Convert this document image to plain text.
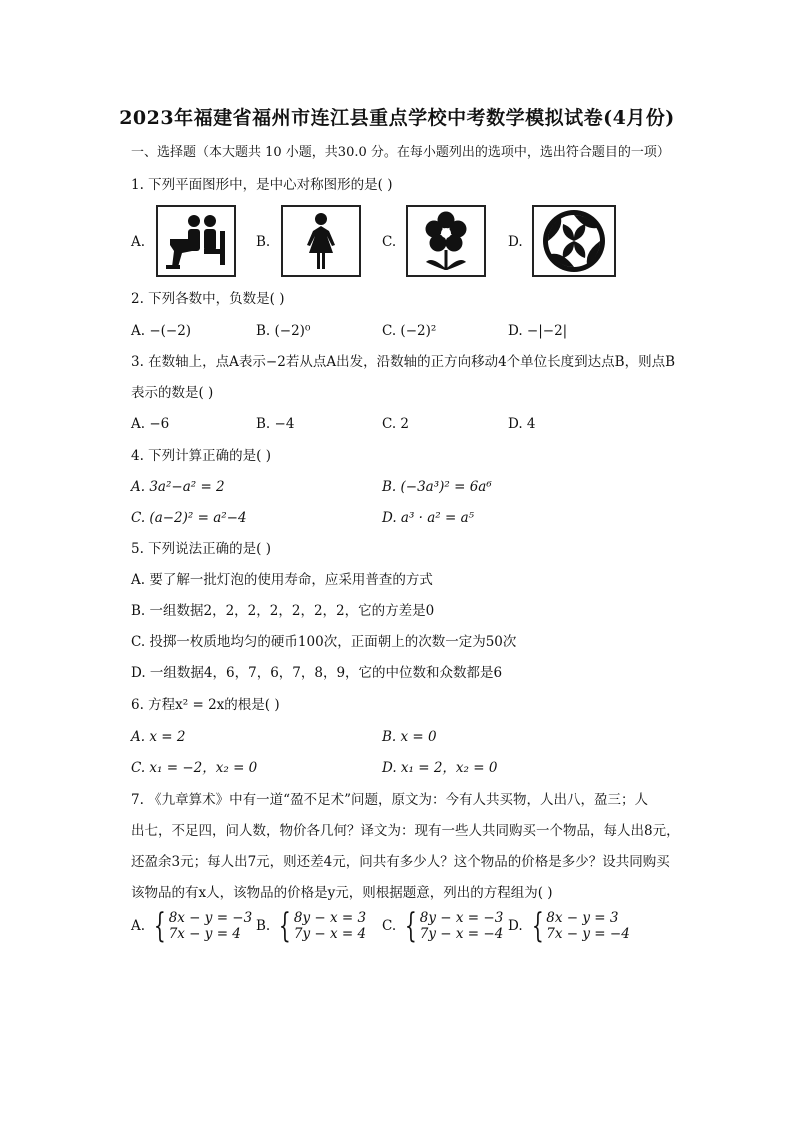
2023年福建省福州市连江县重点学校中考数学模拟试卷(4月份)
一、选择题（本大题共 10 小题，共30.0 分。在每小题列出的选项中，选出符合题目的一项）
1. 下列平面图形中，是中心对称图形的是( )
A.	B.	C.	D.
2. 下列各数中，负数是( )
A. −(−2)	B. (−2)⁰	C. (−2)²	D. −|−2|
3. 在数轴上，点A表示−2若从点A出发，沿数轴的正方向移动4个单位长度到达点B，则点B
表示的数是( )
A. −6	B. −4	C. 2	D. 4
4. 下列计算正确的是( )
A. 3a²−a² = 2	B. (−3a³)² = 6a⁶
C. (a−2)² = a²−4	D. a³ · a² = a⁵
5. 下列说法正确的是( )
A. 要了解一批灯泡的使用寿命，应采用普查的方式
B. 一组数据2，2，2，2，2，2，2，它的方差是0
C. 投掷一枚质地均匀的硬币100次，正面朝上的次数一定为50次
D. 一组数据4，6，7，6，7，8，9，它的中位数和众数都是6
6. 方程x² = 2x的根是( )
A. x = 2	B. x = 0
C. x₁ = −2，x₂ = 0	D. x₁ = 2，x₂ = 0
7. 《九章算术》中有一道“盈不足术”问题，原文为：今有人共买物，人出八，盈三；人
出七，不足四，问人数，物价各几何？译文为：现有一些人共同购买一个物品，每人出8元，
还盈余3元；每人出7元，则还差4元，问共有多少人？这个物品的价格是多少？设共同购买
该物品的有x人，该物品的价格是y元，则根据题意，列出的方程组为( )
A. { 8x − y = −3
7x − y = 4	B. { 8y − x = 3
7y − x = 4 C. { 8y − x = −3
7y − x = −4 D. { 8x − y = 3
7x − y = −4
